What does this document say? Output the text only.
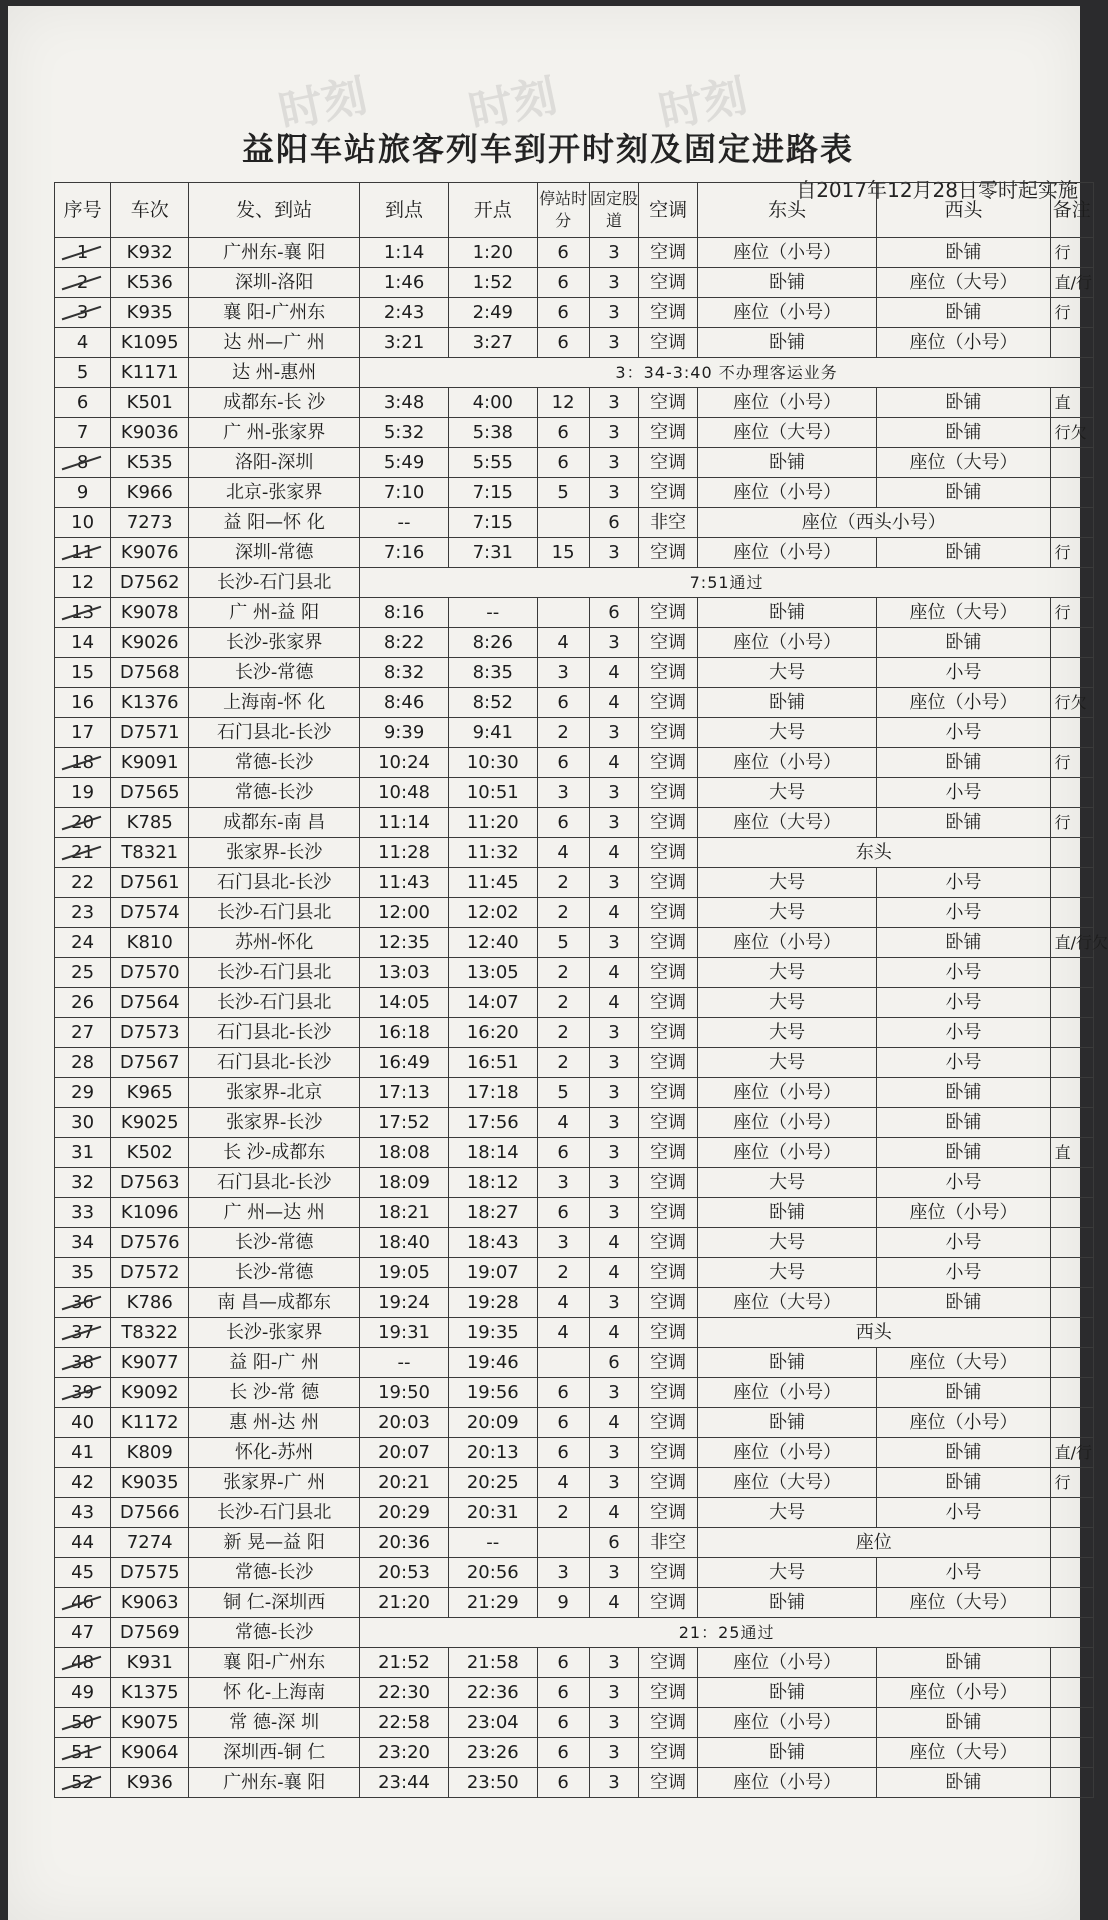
时刻 时刻 时刻
益阳车站旅客列车到开时刻及固定进路表
自2017年12月28日零时起实施
序号	车次	发、到站	到点	开点	停站时分	固定股道	空调	东头	西头	备注
1	K932	广州东-襄 阳	1:14	1:20	6	3	空调	座位（小号）	卧铺	行
2	K536	深圳-洛阳	1:46	1:52	6	3	空调	卧铺	座位（大号）	直/行
3	K935	襄 阳-广州东	2:43	2:49	6	3	空调	座位（小号）	卧铺	行
4	K1095	达 州—广 州	3:21	3:27	6	3	空调	卧铺	座位（小号）	
5	K1171	达 州-惠州	3：34-3:40 不办理客运业务							
6	K501	成都东-长 沙	3:48	4:00	12	3	空调	座位（小号）	卧铺	直
7	K9036	广 州-张家界	5:32	5:38	6	3	空调	座位（大号）	卧铺	行欠
8	K535	洛阳-深圳	5:49	5:55	6	3	空调	卧铺	座位（大号）	
9	K966	北京-张家界	7:10	7:15	5	3	空调	座位（小号）	卧铺	
10	7273	益 阳—怀 化	--	7:15		6	非空	座位（西头小号）		
11	K9076	深圳-常德	7:16	7:31	15	3	空调	座位（小号）	卧铺	行
12	D7562	长沙-石门县北	7:51通过							
13	K9078	广 州-益 阳	8:16	--		6	空调	卧铺	座位（大号）	行
14	K9026	长沙-张家界	8:22	8:26	4	3	空调	座位（小号）	卧铺	
15	D7568	长沙-常德	8:32	8:35	3	4	空调	大号	小号	
16	K1376	上海南-怀 化	8:46	8:52	6	4	空调	卧铺	座位（小号）	行欠
17	D7571	石门县北-长沙	9:39	9:41	2	3	空调	大号	小号	
18	K9091	常德-长沙	10:24	10:30	6	4	空调	座位（小号）	卧铺	行
19	D7565	常德-长沙	10:48	10:51	3	3	空调	大号	小号	
20	K785	成都东-南 昌	11:14	11:20	6	3	空调	座位（大号）	卧铺	行
21	T8321	张家界-长沙	11:28	11:32	4	4	空调	东头		
22	D7561	石门县北-长沙	11:43	11:45	2	3	空调	大号	小号	
23	D7574	长沙-石门县北	12:00	12:02	2	4	空调	大号	小号	
24	K810	苏州-怀化	12:35	12:40	5	3	空调	座位（小号）	卧铺	直/行欠
25	D7570	长沙-石门县北	13:03	13:05	2	4	空调	大号	小号	
26	D7564	长沙-石门县北	14:05	14:07	2	4	空调	大号	小号	
27	D7573	石门县北-长沙	16:18	16:20	2	3	空调	大号	小号	
28	D7567	石门县北-长沙	16:49	16:51	2	3	空调	大号	小号	
29	K965	张家界-北京	17:13	17:18	5	3	空调	座位（小号）	卧铺	
30	K9025	张家界-长沙	17:52	17:56	4	3	空调	座位（小号）	卧铺	
31	K502	长 沙-成都东	18:08	18:14	6	3	空调	座位（小号）	卧铺	直
32	D7563	石门县北-长沙	18:09	18:12	3	3	空调	大号	小号	
33	K1096	广 州—达 州	18:21	18:27	6	3	空调	卧铺	座位（小号）	
34	D7576	长沙-常德	18:40	18:43	3	4	空调	大号	小号	
35	D7572	长沙-常德	19:05	19:07	2	4	空调	大号	小号	
36	K786	南 昌—成都东	19:24	19:28	4	3	空调	座位（大号）	卧铺	
37	T8322	长沙-张家界	19:31	19:35	4	4	空调	西头		
38	K9077	益 阳-广 州	--	19:46		6	空调	卧铺	座位（大号）	
39	K9092	长 沙-常 德	19:50	19:56	6	3	空调	座位（小号）	卧铺	
40	K1172	惠 州-达 州	20:03	20:09	6	4	空调	卧铺	座位（小号）	
41	K809	怀化-苏州	20:07	20:13	6	3	空调	座位（小号）	卧铺	直/行
42	K9035	张家界-广 州	20:21	20:25	4	3	空调	座位（大号）	卧铺	行
43	D7566	长沙-石门县北	20:29	20:31	2	4	空调	大号	小号	
44	7274	新 晃—益 阳	20:36	--		6	非空	座位		
45	D7575	常德-长沙	20:53	20:56	3	3	空调	大号	小号	
46	K9063	铜 仁-深圳西	21:20	21:29	9	4	空调	卧铺	座位（大号）	
47	D7569	常德-长沙	21：25通过							
48	K931	襄 阳-广州东	21:52	21:58	6	3	空调	座位（小号）	卧铺	
49	K1375	怀 化-上海南	22:30	22:36	6	3	空调	卧铺	座位（小号）	
50	K9075	常 德-深 圳	22:58	23:04	6	3	空调	座位（小号）	卧铺	
51	K9064	深圳西-铜 仁	23:20	23:26	6	3	空调	卧铺	座位（大号）	
52	K936	广州东-襄 阳	23:44	23:50	6	3	空调	座位（小号）	卧铺	
